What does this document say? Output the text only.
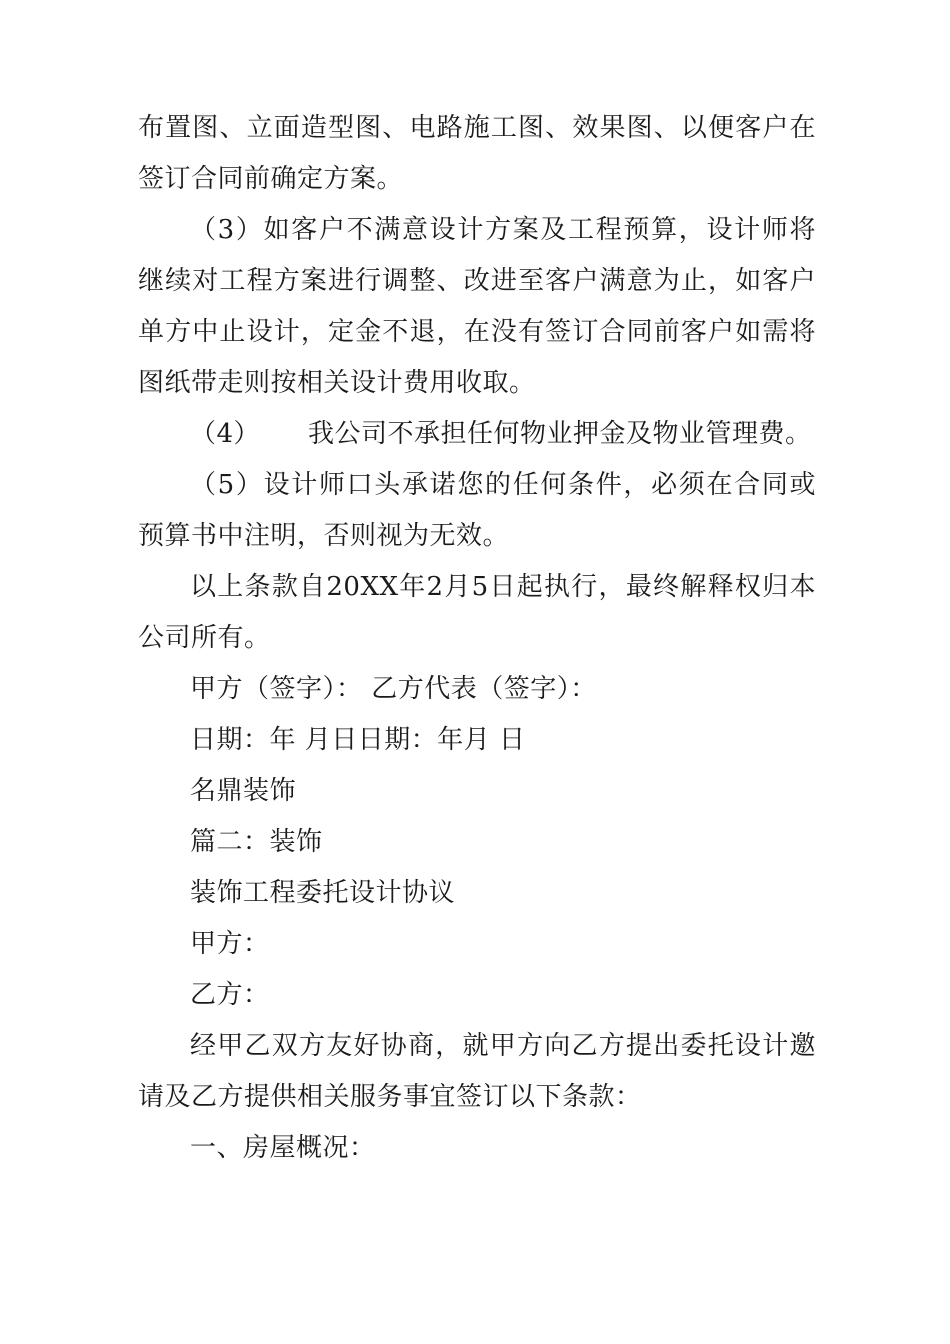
布置图、立面造型图、电路施工图、效果图、以便客户在签订合同前确定方案。

（3）如客户不满意设计方案及工程预算，设计师将继续对工程方案进行调整、改进至客户满意为止，如客户单方中止设计，定金不退，在没有签订合同前客户如需将图纸带走则按相关设计费用收取。

（4） 我公司不承担任何物业押金及物业管理费。

（5）设计师口头承诺您的任何条件，必须在合同或预算书中注明，否则视为无效。

以上条款自20XX年2月5日起执行，最终解释权归本公司所有。

甲方（签字）： 乙方代表（签字）：

日期：年 月日日期：年月 日

名鼎装饰

篇二：装饰

装饰工程委托设计协议

甲方：

乙方：

经甲乙双方友好协商，就甲方向乙方提出委托设计邀请及乙方提供相关服务事宜签订以下条款：

一、房屋概况：
